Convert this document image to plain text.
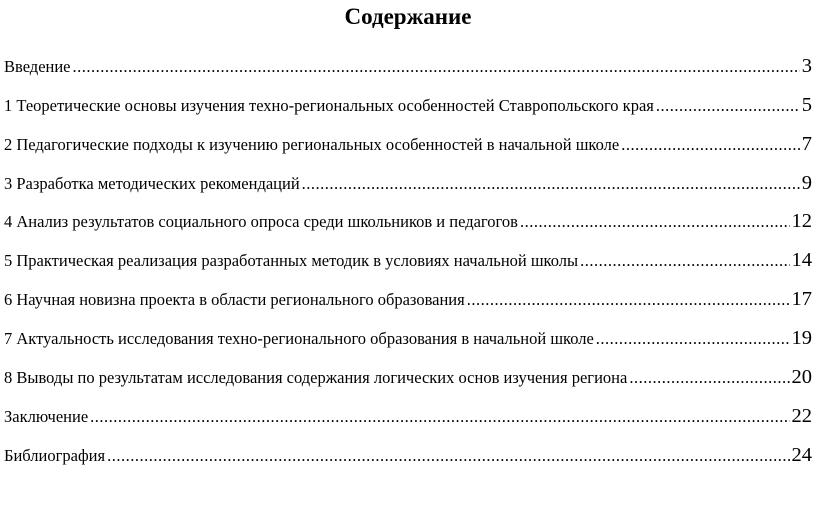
Содержание
Введение .....	3
1 Теоретические основы изучения техно-региональных особенностей Ставропольского края .....	5
2 Педагогические подходы к изучению региональных особенностей в начальной школе .....	7
3 Разработка методических рекомендаций .....	9
4 Анализ результатов социального опроса среди школьников и педагогов .....	12
5 Практическая реализация разработанных методик в условиях начальной школы .....	14
6 Научная новизна проекта в области регионального образования .....	17
7 Актуальность исследования техно-регионального образования в начальной школе .....	19
8 Выводы по результатам исследования содержания логических основ изучения региона .....	20
Заключение .....	22
Библиография .....	24
